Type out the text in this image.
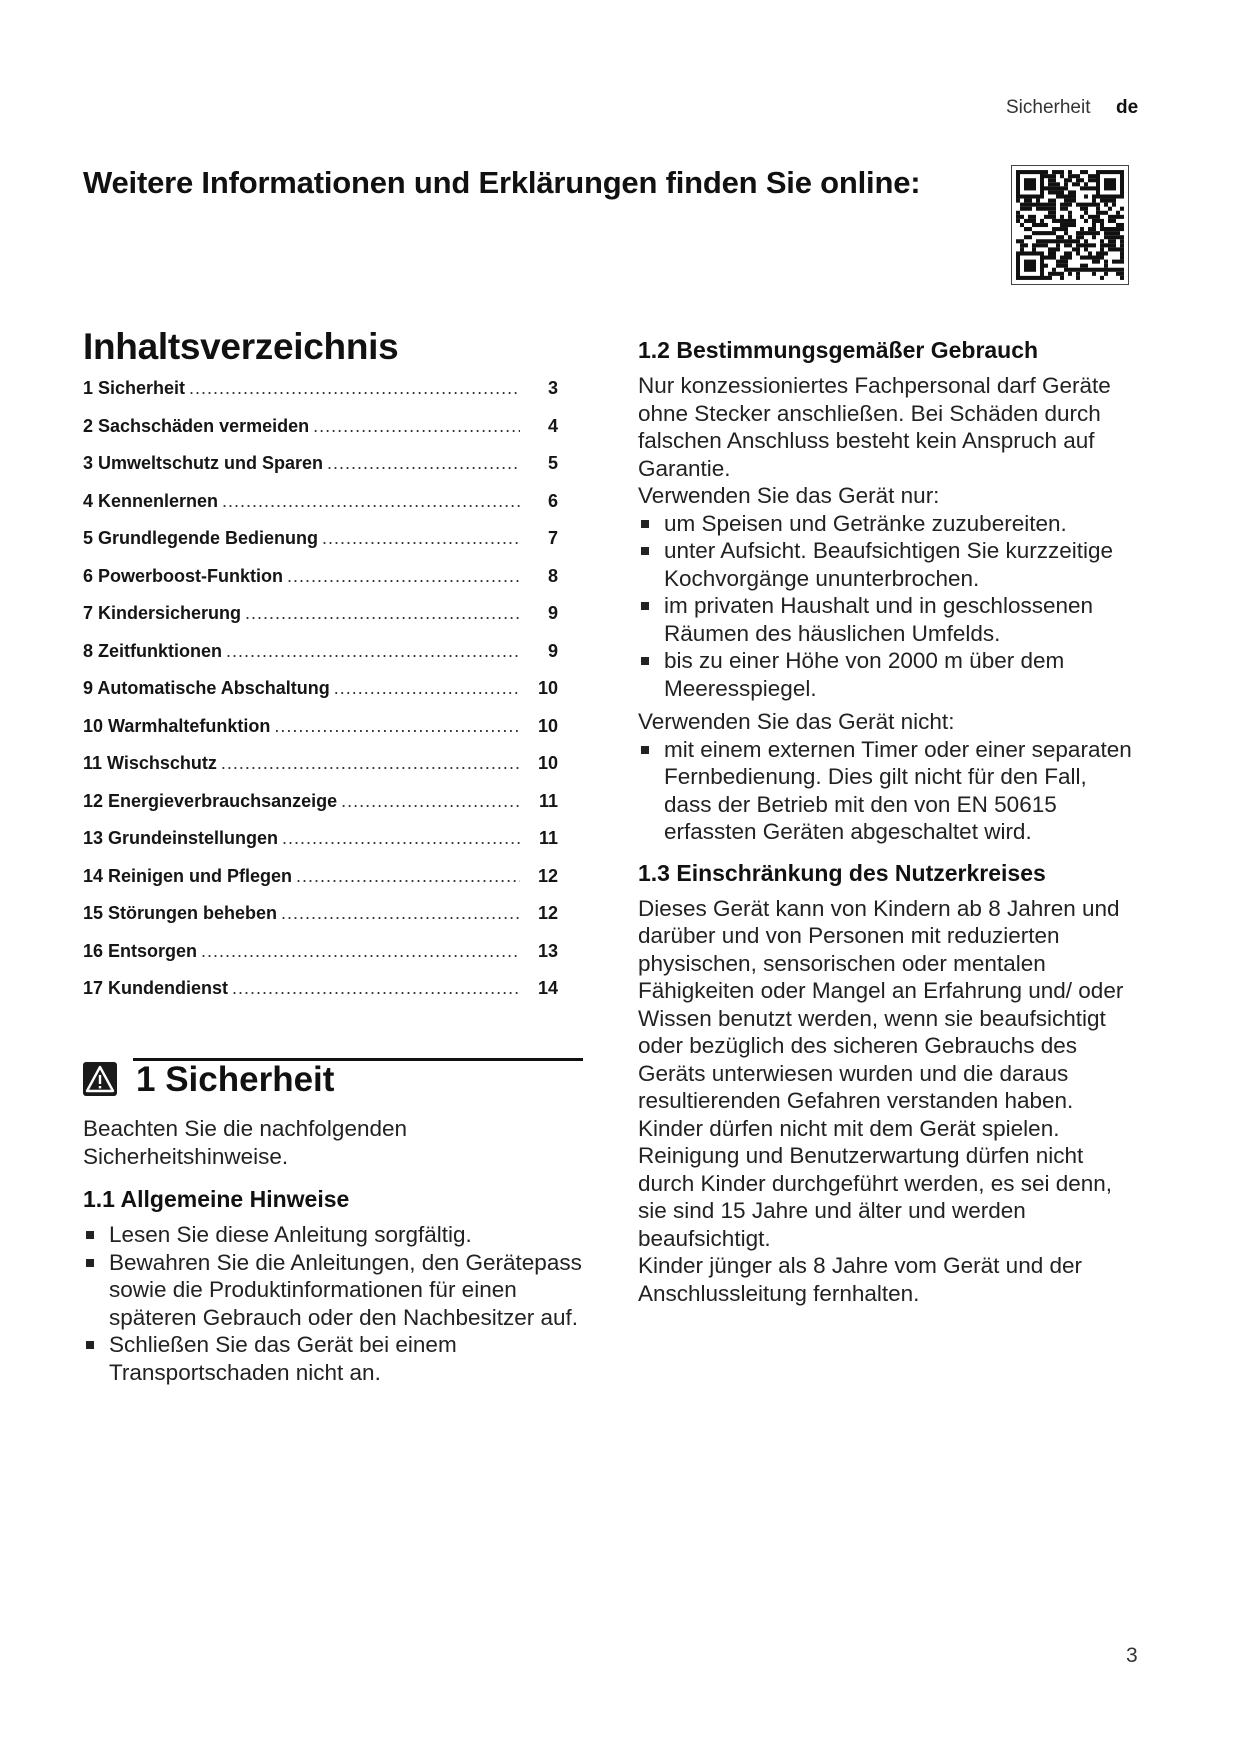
Sicherheit de
Weitere Informationen und Erklärungen finden Sie online:
Inhaltsverzeichnis
1 Sicherheit .....	3
2 Sachschäden vermeiden .....	4
3 Umweltschutz und Sparen .....	5
4 Kennenlernen .....	6
5 Grundlegende Bedienung .....	7
6 Powerboost-Funktion .....	8
7 Kindersicherung .....	9
8 Zeitfunktionen .....	9
9 Automatische Abschaltung .....	10
10 Warmhaltefunktion .....	10
11 Wischschutz .....	10
12 Energieverbrauchsanzeige .....	11
13 Grundeinstellungen .....	11
14 Reinigen und Pflegen .....	12
15 Störungen beheben .....	12
16 Entsorgen .....	13
17 Kundendienst .....	14
1 Sicherheit
Beachten Sie die nachfolgenden Sicherheitshinweise.
1.1 Allgemeine Hinweise
Lesen Sie diese Anleitung sorgfältig.
Bewahren Sie die Anleitungen, den Gerätepass sowie die Produktinformationen für einen späteren Gebrauch oder den Nachbesitzer auf.
Schließen Sie das Gerät bei einem Transportschaden nicht an.
1.2 Bestimmungsgemäßer Gebrauch
Nur konzessioniertes Fachpersonal darf Geräte ohne Stecker anschließen. Bei Schäden durch falschen Anschluss besteht kein Anspruch auf Garantie.
Verwenden Sie das Gerät nur:
um Speisen und Getränke zuzubereiten.
unter Aufsicht. Beaufsichtigen Sie kurzzeitige Kochvorgänge ununterbrochen.
im privaten Haushalt und in geschlossenen Räumen des häuslichen Umfelds.
bis zu einer Höhe von 2000 m über dem Meeresspiegel.
Verwenden Sie das Gerät nicht:
mit einem externen Timer oder einer separaten Fernbedienung. Dies gilt nicht für den Fall, dass der Betrieb mit den von EN 50615 erfassten Geräten abgeschaltet wird.
1.3 Einschränkung des Nutzerkreises
Dieses Gerät kann von Kindern ab 8 Jahren und darüber und von Personen mit reduzierten physischen, sensorischen oder mentalen Fähigkeiten oder Mangel an Erfahrung und/ oder Wissen benutzt werden, wenn sie beaufsichtigt oder bezüglich des sicheren Gebrauchs des Geräts unterwiesen wurden und die daraus resultierenden Gefahren verstanden haben.
Kinder dürfen nicht mit dem Gerät spielen.
Reinigung und Benutzerwartung dürfen nicht durch Kinder durchgeführt werden, es sei denn, sie sind 15 Jahre und älter und werden beaufsichtigt.
Kinder jünger als 8 Jahre vom Gerät und der Anschlussleitung fernhalten.
3
